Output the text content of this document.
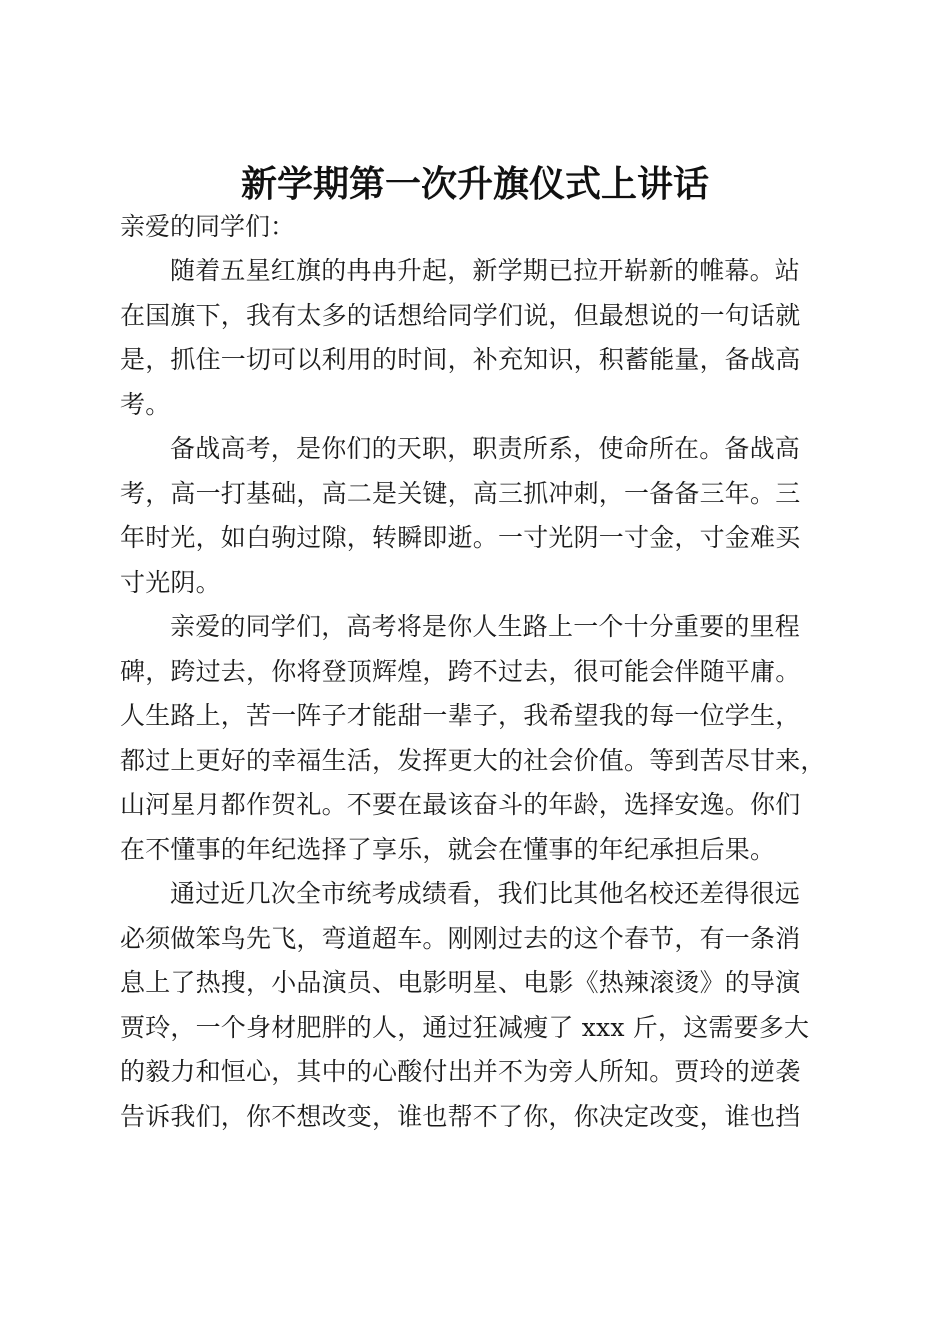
新学期第一次升旗仪式上讲话

亲爱的同学们：

随着五星红旗的冉冉升起，新学期已拉开崭新的帷幕。站
在国旗下，我有太多的话想给同学们说，但最想说的一句话就
是，抓住一切可以利用的时间，补充知识，积蓄能量，备战高
考。
备战高考，是你们的天职，职责所系，使命所在。备战高
考，高一打基础，高二是关键，高三抓冲刺，一备备三年。三
年时光，如白驹过隙，转瞬即逝。一寸光阴一寸金，寸金难买
寸光阴。
亲爱的同学们，高考将是你人生路上一个十分重要的里程
碑，跨过去，你将登顶辉煌，跨不过去，很可能会伴随平庸。
人生路上，苦一阵子才能甜一辈子，我希望我的每一位学生，
都过上更好的幸福生活，发挥更大的社会价值。等到苦尽甘来，
山河星月都作贺礼。不要在最该奋斗的年龄，选择安逸。你们
在不懂事的年纪选择了享乐，就会在懂事的年纪承担后果。
通过近几次全市统考成绩看，我们比其他名校还差得很远
必须做笨鸟先飞，弯道超车。刚刚过去的这个春节，有一条消
息上了热搜，小品演员、电影明星、电影《热辣滚烫》的导演
贾玲，一个身材肥胖的人，通过狂减瘦了 xxx 斤，这需要多大
的毅力和恒心，其中的心酸付出并不为旁人所知。贾玲的逆袭
告诉我们，你不想改变，谁也帮不了你，你决定改变，谁也挡
